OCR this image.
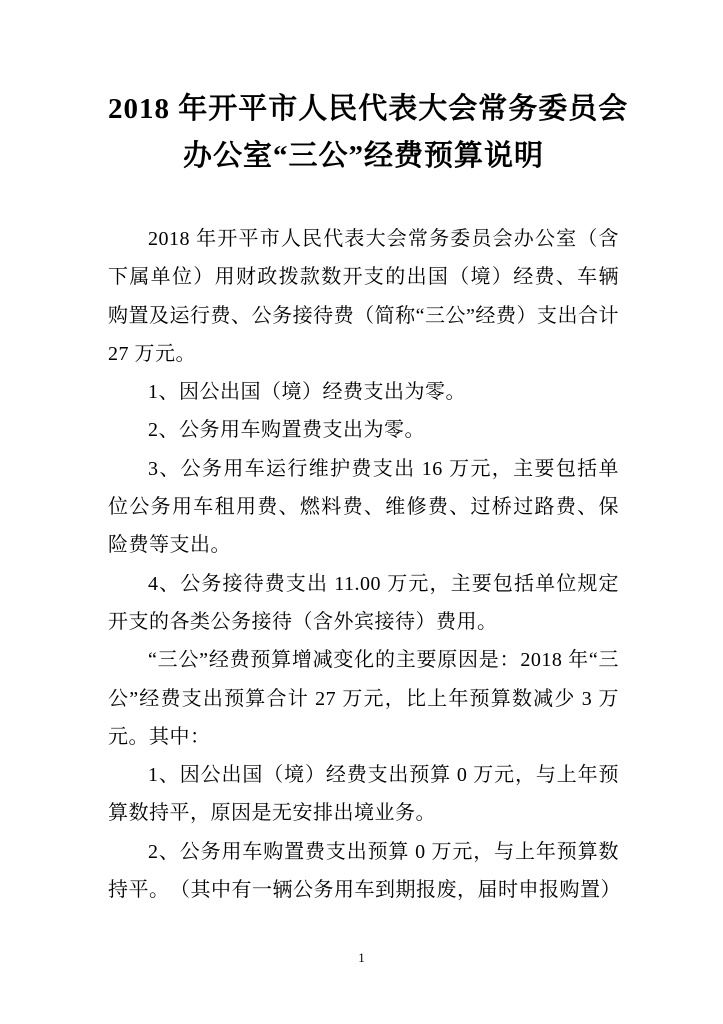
2018 年开平市人民代表大会常务委员会
办公室“三公”经费预算说明

2018 年开平市人民代表大会常务委员会办公室（含下属单位）用财政拨款数开支的出国（境）经费、车辆购置及运行费、公务接待费（简称“三公”经费）支出合计 27 万元。

1、因公出国（境）经费支出为零。

2、公务用车购置费支出为零。

3、公务用车运行维护费支出 16 万元，主要包括单位公务用车租用费、燃料费、维修费、过桥过路费、保险费等支出。

4、公务接待费支出 11.00 万元，主要包括单位规定开支的各类公务接待（含外宾接待）费用。

“三公”经费预算增减变化的主要原因是：2018 年“三公”经费支出预算合计 27 万元，比上年预算数减少 3 万元。其中：

1、因公出国（境）经费支出预算 0 万元，与上年预算数持平，原因是无安排出境业务。

2、公务用车购置费支出预算 0 万元，与上年预算数持平。　（其中有一辆公务用车到期报废，届时申报购置）

1
